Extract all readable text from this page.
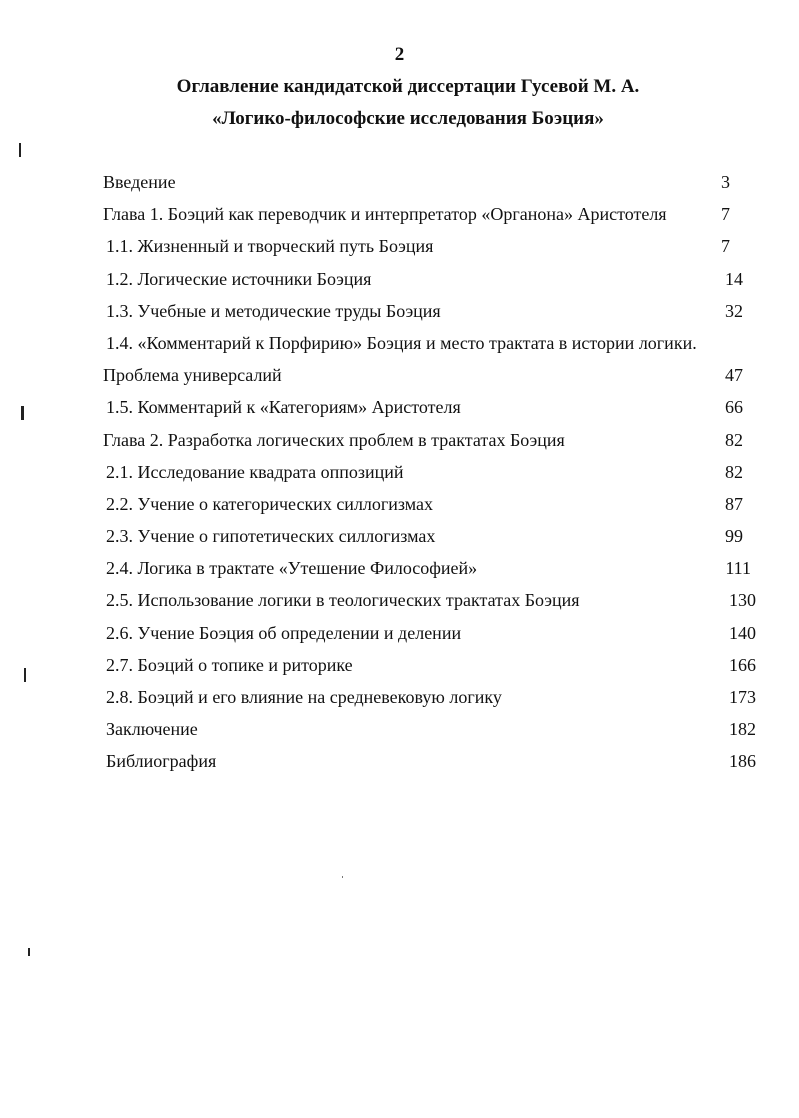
2
Оглавление кандидатской диссертации Гусевой М. А.
«Логико-философские исследования Боэция»
Введение	3
Глава 1. Боэций как переводчик и интерпретатор «Органона» Аристотеля	7
1.1. Жизненный и творческий путь Боэция	7
1.2. Логические источники Боэция	14
1.3. Учебные и методические труды Боэция	32
1.4. «Комментарий к Порфирию» Боэция и место трактата в истории логики.
Проблема универсалий	47
1.5. Комментарий к «Категориям» Аристотеля	66
Глава 2. Разработка логических проблем в трактатах Боэция	82
2.1. Исследование квадрата оппозиций	82
2.2. Учение о категорических силлогизмах	87
2.3. Учение о гипотетических силлогизмах	99
2.4. Логика в трактате «Утешение Философией»	111
2.5. Использование логики в теологических трактатах Боэция	130
2.6. Учение Боэция об определении и делении	140
2.7. Боэций о топике и риторике	166
2.8. Боэций и его влияние на средневековую логику	173
Заключение	182
Библиография	186
